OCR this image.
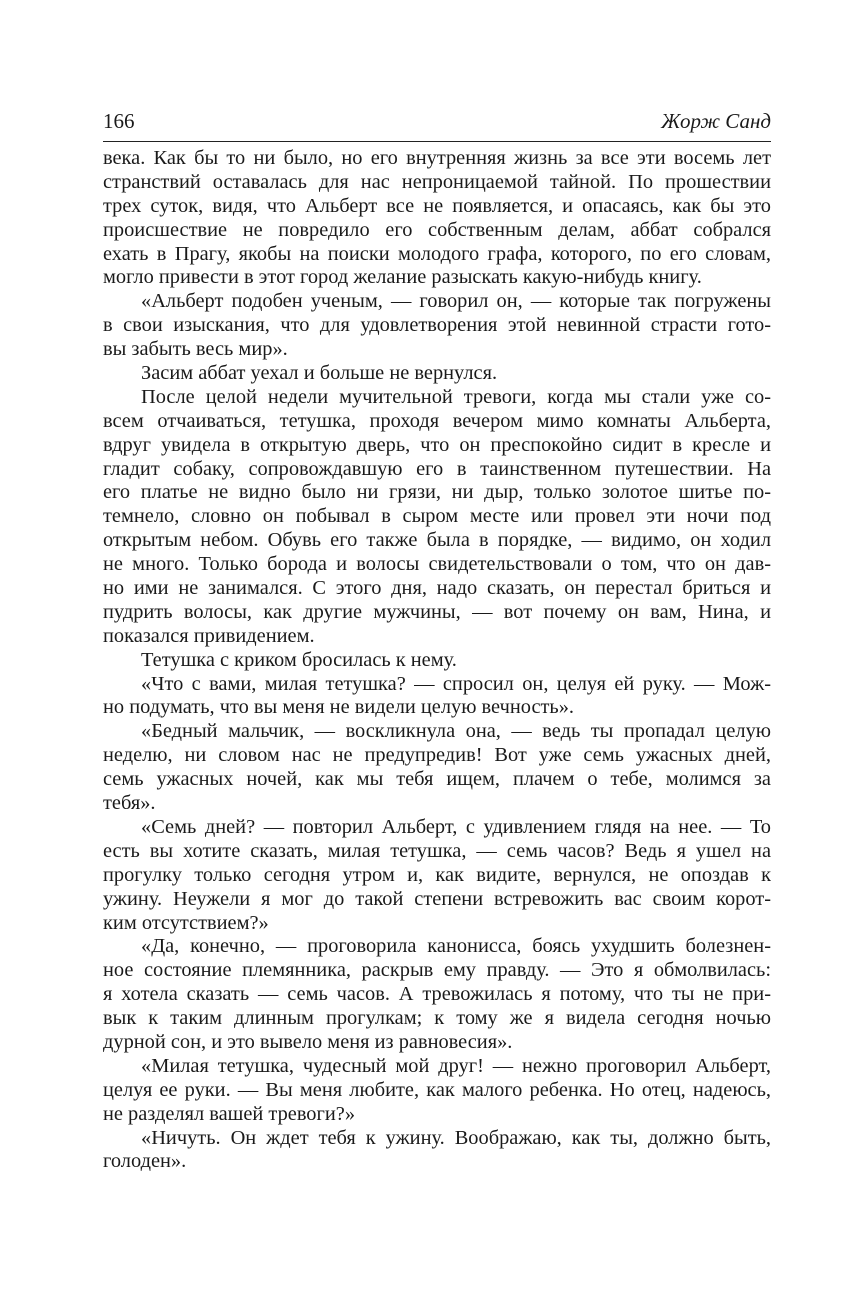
166	Жорж Санд
века. Как бы то ни было, но его внутренняя жизнь за все эти восемь лет
странствий оставалась для нас непроницаемой тайной. По прошествии
трех суток, видя, что Альберт все не появляется, и опасаясь, как бы это
происшествие не повредило его собственным делам, аббат собрался
ехать в Прагу, якобы на поиски молодого графа, которого, по его словам,
могло привести в этот город желание разыскать какую-нибудь книгу.
«Альберт подобен ученым, — говорил он, — которые так погружены
в свои изыскания, что для удовлетворения этой невинной страсти гото-
вы забыть весь мир».
Засим аббат уехал и больше не вернулся.
После целой недели мучительной тревоги, когда мы стали уже со-
всем отчаиваться, тетушка, проходя вечером мимо комнаты Альберта,
вдруг увидела в открытую дверь, что он преспокойно сидит в кресле и
гладит собаку, сопровождавшую его в таинственном путешествии. На
его платье не видно было ни грязи, ни дыр, только золотое шитье по-
темнело, словно он побывал в сыром месте или провел эти ночи под
открытым небом. Обувь его также была в порядке, — видимо, он ходил
не много. Только борода и волосы свидетельствовали о том, что он дав-
но ими не занимался. С этого дня, надо сказать, он перестал бриться и
пудрить волосы, как другие мужчины, — вот почему он вам, Нина, и
показался привидением.
Тетушка с криком бросилась к нему.
«Что с вами, милая тетушка? — спросил он, целуя ей руку. — Мож-
но подумать, что вы меня не видели целую вечность».
«Бедный мальчик, — воскликнула она, — ведь ты пропадал целую
неделю, ни словом нас не предупредив! Вот уже семь ужасных дней,
семь ужасных ночей, как мы тебя ищем, плачем о тебе, молимся за
тебя».
«Семь дней? — повторил Альберт, с удивлением глядя на нее. — То
есть вы хотите сказать, милая тетушка, — семь часов? Ведь я ушел на
прогулку только сегодня утром и, как видите, вернулся, не опоздав к
ужину. Неужели я мог до такой степени встревожить вас своим корот-
ким отсутствием?»
«Да, конечно, — проговорила канонисса, боясь ухудшить болезнен-
ное состояние племянника, раскрыв ему правду. — Это я обмолвилась:
я хотела сказать — семь часов. А тревожилась я потому, что ты не при-
вык к таким длинным прогулкам; к тому же я видела сегодня ночью
дурной сон, и это вывело меня из равновесия».
«Милая тетушка, чудесный мой друг! — нежно проговорил Альберт,
целуя ее руки. — Вы меня любите, как малого ребенка. Но отец, надеюсь,
не разделял вашей тревоги?»
«Ничуть. Он ждет тебя к ужину. Воображаю, как ты, должно быть,
голоден».
